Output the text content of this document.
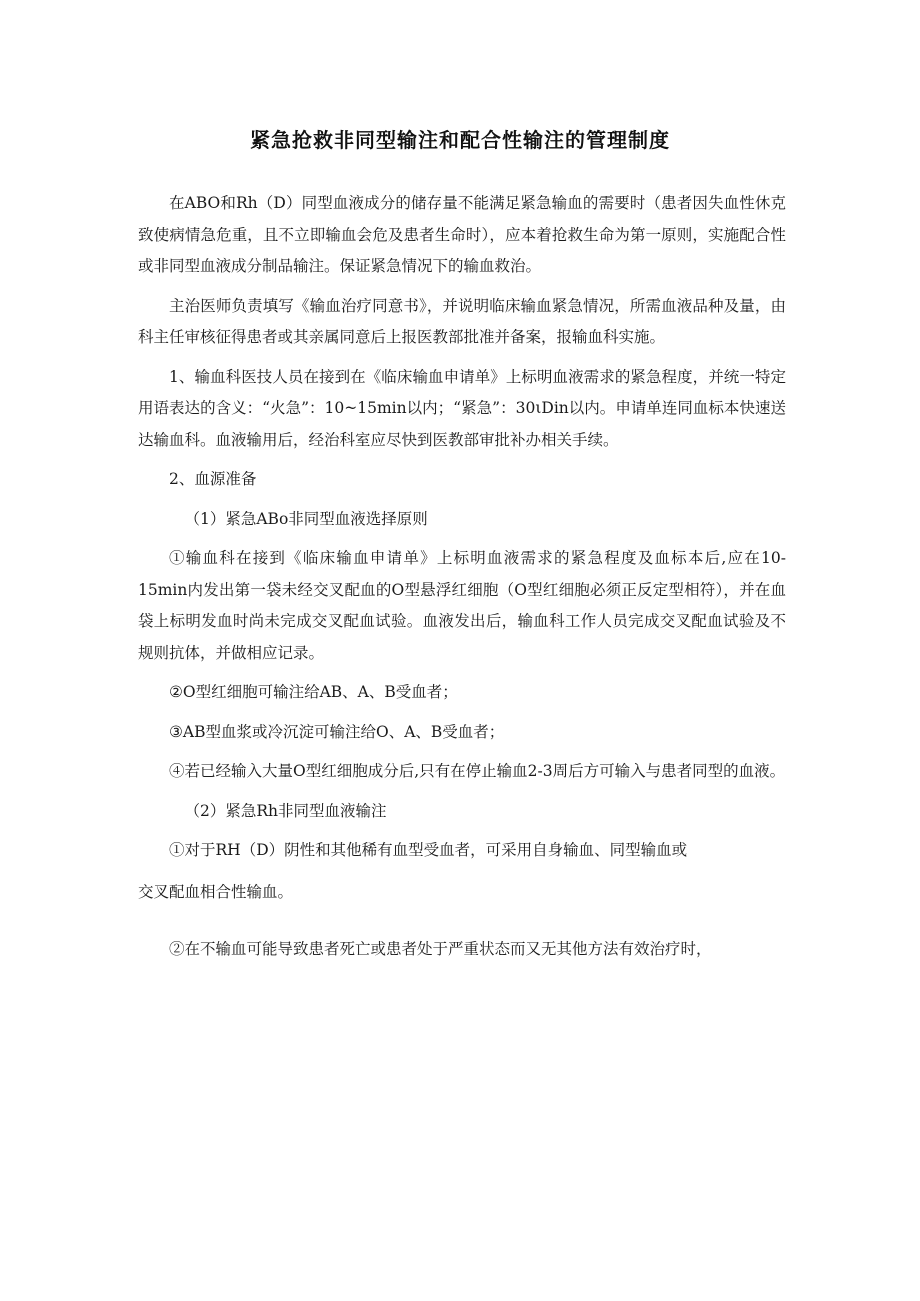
紧急抢救非同型输注和配合性输注的管理制度

在ABO和Rh（D）同型血液成分的储存量不能满足紧急输血的需要时（患者因失血性休克致使病情急危重，且不立即输血会危及患者生命时），应本着抢救生命为第一原则，实施配合性或非同型血液成分制品输注。保证紧急情况下的输血救治。

主治医师负责填写《输血治疗同意书》，并说明临床输血紧急情况，所需血液品种及量，由科主任审核征得患者或其亲属同意后上报医教部批准并备案，报输血科实施。

1、输血科医技人员在接到在《临床输血申请单》上标明血液需求的紧急程度，并统一特定用语表达的含义：“火急”：10~15min以内；“紧急”：30ιDin以内。申请单连同血标本快速送达输血科。血液输用后，经治科室应尽快到医教部审批补办相关手续。

2、血源准备

（1）紧急ABo非同型血液选择原则

①输血科在接到《临床输血申请单》上标明血液需求的紧急程度及血标本后,应在10-15min内发出第一袋未经交叉配血的O型悬浮红细胞（O型红细胞必须正反定型相符），并在血袋上标明发血时尚未完成交叉配血试验。血液发出后，输血科工作人员完成交叉配血试验及不规则抗体，并做相应记录。

②O型红细胞可输注给AB、A、B受血者；

③AB型血浆或冷沉淀可输注给O、A、B受血者；

④若已经输入大量O型红细胞成分后,只有在停止输血2-3周后方可输入与患者同型的血液。

（2）紧急Rh非同型血液输注

①对于RH（D）阴性和其他稀有血型受血者，可采用自身输血、同型输血或

交叉配血相合性输血。

②在不输血可能导致患者死亡或患者处于严重状态而又无其他方法有效治疗时，
